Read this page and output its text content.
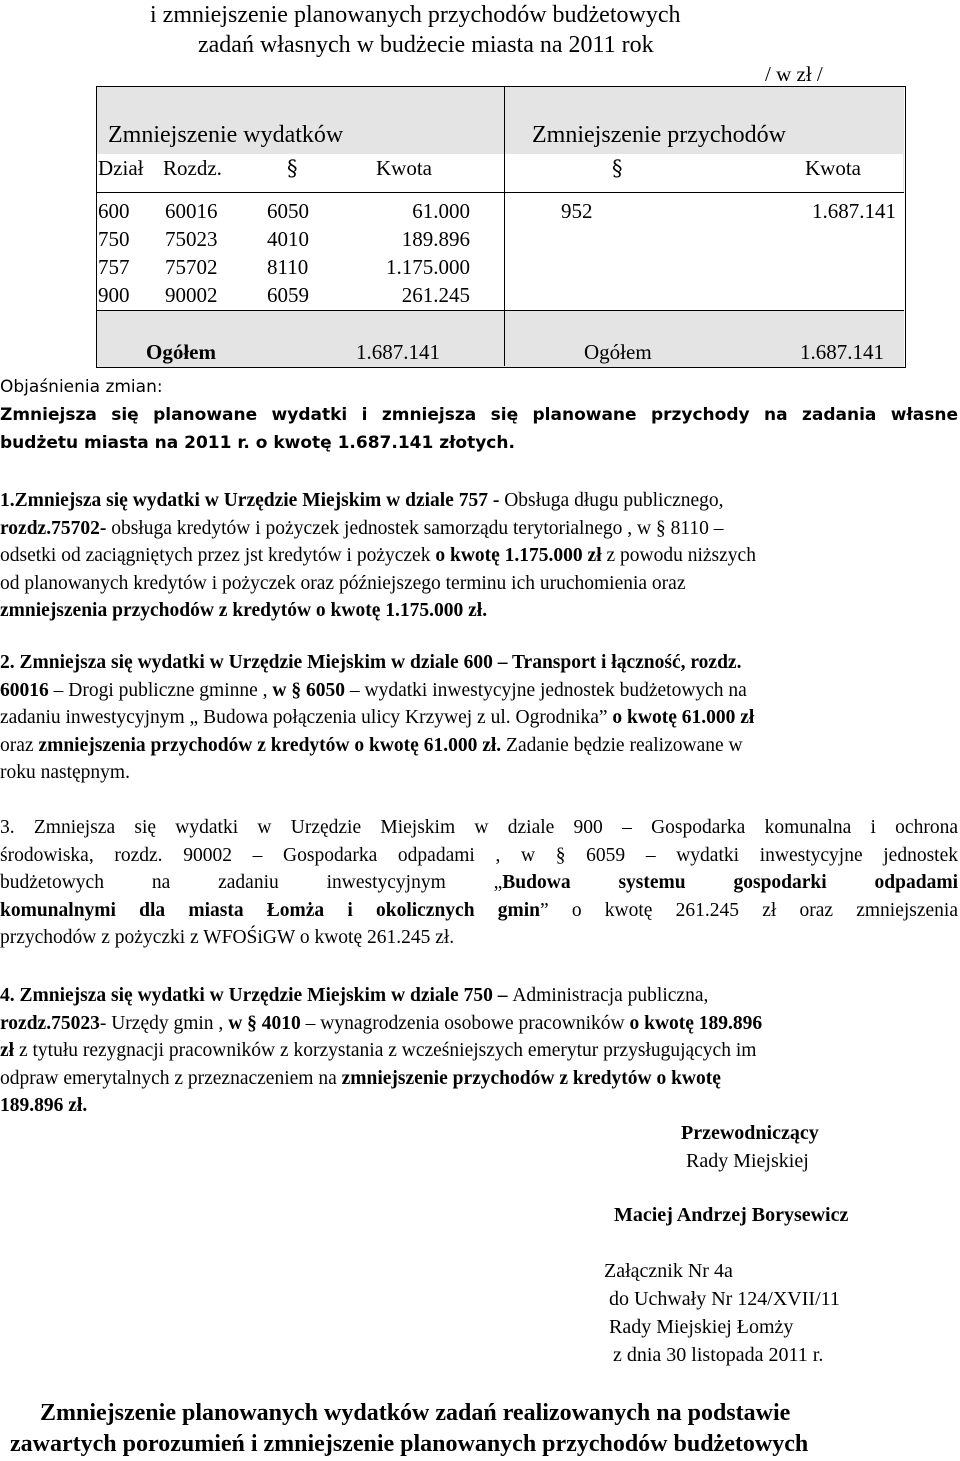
i zmniejszenie planowanych przychodów budżetowych
zadań własnych w budżecie miasta na 2011 rok
/ w zł /
Zmniejszenie wydatków	Zmniejszenie przychodów
Dział Rozdz.	§	Kwota	§	Kwota
600 60016 6050	61.000	952	1.687.141
750 75023 4010	189.896
757 75702 8110	1.175.000
900 90002 6059	261.245
Ogółem	1.687.141	Ogółem	1.687.141
Objaśnienia zmian:
Zmniejsza się planowane wydatki i zmniejsza się planowane przychody na zadania własne
budżetu miasta na 2011 r. o kwotę 1.687.141 złotych.
1.Zmniejsza się wydatki w Urzędzie Miejskim w dziale 757 - Obsługa długu publicznego,
rozdz.75702- obsługa kredytów i pożyczek jednostek samorządu terytorialnego , w § 8110 –
odsetki od zaciągniętych przez jst kredytów i pożyczek o kwotę 1.175.000 zł z powodu niższych
od planowanych kredytów i pożyczek oraz późniejszego terminu ich uruchomienia oraz
zmniejszenia przychodów z kredytów o kwotę 1.175.000 zł.
2. Zmniejsza się wydatki w Urzędzie Miejskim w dziale 600 – Transport i łączność, rozdz.
60016 – Drogi publiczne gminne , w § 6050 – wydatki inwestycyjne jednostek budżetowych na
zadaniu inwestycyjnym „ Budowa połączenia ulicy Krzywej z ul. Ogrodnika” o kwotę 61.000 zł
oraz zmniejszenia przychodów z kredytów o kwotę 61.000 zł. Zadanie będzie realizowane w
roku następnym.
3. Zmniejsza się wydatki w Urzędzie Miejskim w dziale 900 – Gospodarka komunalna i ochrona
środowiska, rozdz. 90002 – Gospodarka odpadami , w § 6059 – wydatki inwestycyjne jednostek
budżetowych na zadaniu inwestycyjnym „Budowa systemu gospodarki odpadami
komunalnymi dla miasta Łomża i okolicznych gmin” o kwotę 261.245 zł oraz zmniejszenia
przychodów z pożyczki z WFOŚiGW o kwotę 261.245 zł.
4. Zmniejsza się wydatki w Urzędzie Miejskim w dziale 750 – Administracja publiczna,
rozdz.75023- Urzędy gmin , w § 4010 – wynagrodzenia osobowe pracowników o kwotę 189.896
zł z tytułu rezygnacji pracowników z korzystania z wcześniejszych emerytur przysługujących im
odpraw emerytalnych z przeznaczeniem na zmniejszenie przychodów z kredytów o kwotę
189.896 zł.
Przewodniczący
Rady Miejskiej
Maciej Andrzej Borysewicz
Załącznik Nr 4a
do Uchwały Nr 124/XVII/11
Rady Miejskiej Łomży
z dnia 30 listopada 2011 r.
Zmniejszenie planowanych wydatków zadań realizowanych na podstawie
zawartych porozumień i zmniejszenie planowanych przychodów budżetowych
